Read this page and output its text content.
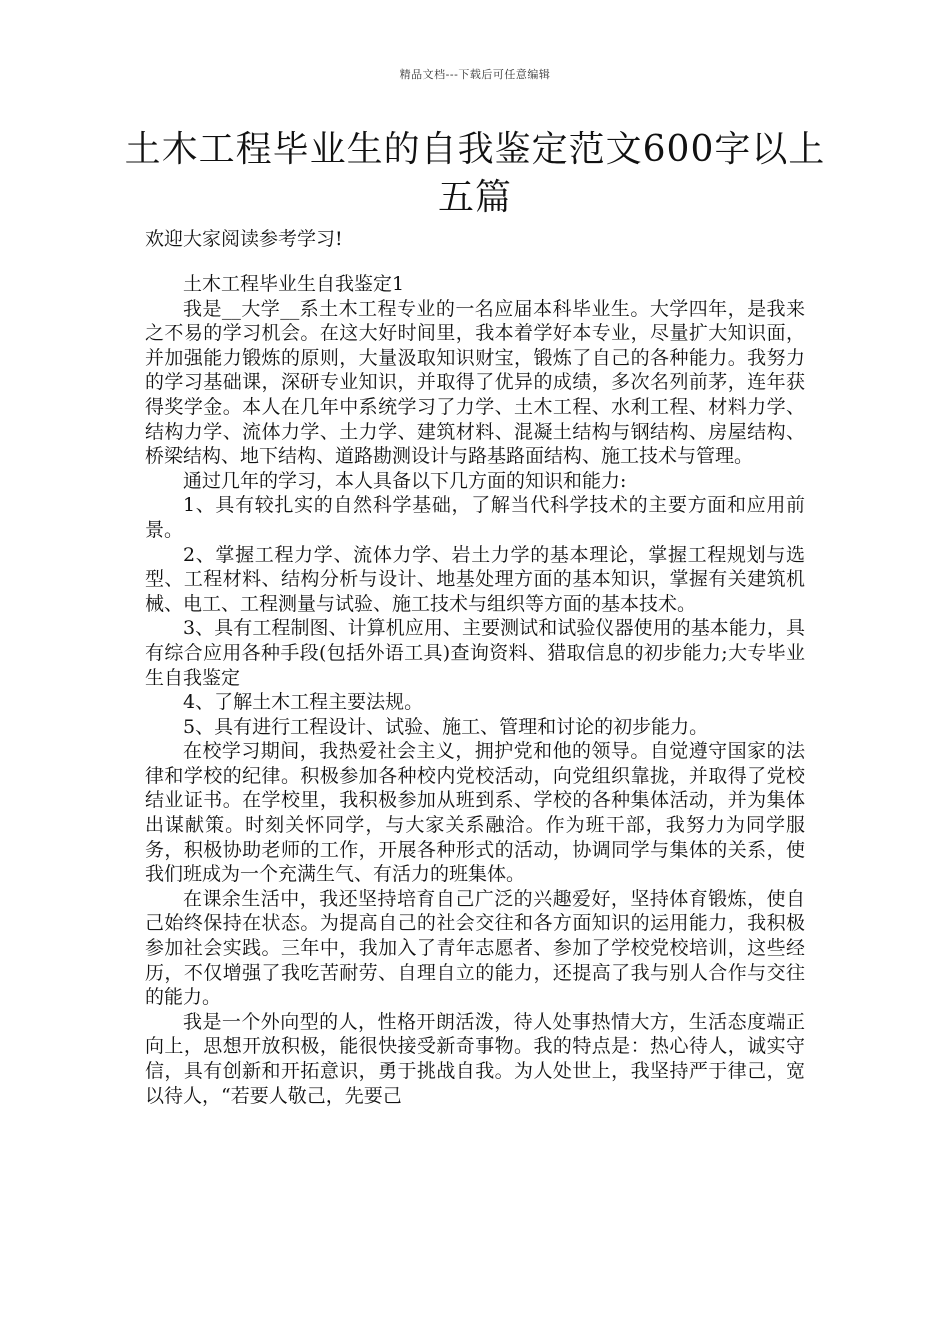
精品文档---下载后可任意编辑
土木工程毕业生的自我鉴定范文600字以上五篇
欢迎大家阅读参考学习!

土木工程毕业生自我鉴定1

我是__大学__系土木工程专业的一名应届本科毕业生。大学四年，是我来之不易的学习机会。在这大好时间里，我本着学好本专业，尽量扩大知识面，并加强能力锻炼的原则，大量汲取知识财宝，锻炼了自己的各种能力。我努力的学习基础课，深研专业知识，并取得了优异的成绩，多次名列前茅，连年获得奖学金。本人在几年中系统学习了力学、土木工程、水利工程、材料力学、结构力学、流体力学、土力学、建筑材料、混凝土结构与钢结构、房屋结构、桥梁结构、地下结构、道路勘测设计与路基路面结构、施工技术与管理。

通过几年的学习，本人具备以下几方面的知识和能力:

1、具有较扎实的自然科学基础，了解当代科学技术的主要方面和应用前景。

2、掌握工程力学、流体力学、岩土力学的基本理论，掌握工程规划与选型、工程材料、结构分析与设计、地基处理方面的基本知识，掌握有关建筑机械、电工、工程测量与试验、施工技术与组织等方面的基本技术。

3、具有工程制图、计算机应用、主要测试和试验仪器使用的基本能力，具有综合应用各种手段(包括外语工具)查询资料、猎取信息的初步能力;大专毕业生自我鉴定

4、了解土木工程主要法规。

5、具有进行工程设计、试验、施工、管理和讨论的初步能力。

在校学习期间，我热爱社会主义，拥护党和他的领导。自觉遵守国家的法律和学校的纪律。积极参加各种校内党校活动，向党组织靠拢，并取得了党校结业证书。在学校里，我积极参加从班到系、学校的各种集体活动，并为集体出谋献策。时刻关怀同学，与大家关系融洽。作为班干部，我努力为同学服务，积极协助老师的工作，开展各种形式的活动，协调同学与集体的关系，使我们班成为一个充满生气、有活力的班集体。

在课余生活中，我还坚持培育自己广泛的兴趣爱好，坚持体育锻炼，使自己始终保持在状态。为提高自己的社会交往和各方面知识的运用能力，我积极参加社会实践。三年中，我加入了青年志愿者、参加了学校党校培训，这些经历，不仅增强了我吃苦耐劳、自理自立的能力，还提高了我与别人合作与交往的能力。

我是一个外向型的人，性格开朗活泼，待人处事热情大方，生活态度端正向上，思想开放积极，能很快接受新奇事物。我的特点是：热心待人，诚实守信，具有创新和开拓意识，勇于挑战自我。为人处世上，我坚持严于律己，宽以待人，“若要人敬己，先要己
